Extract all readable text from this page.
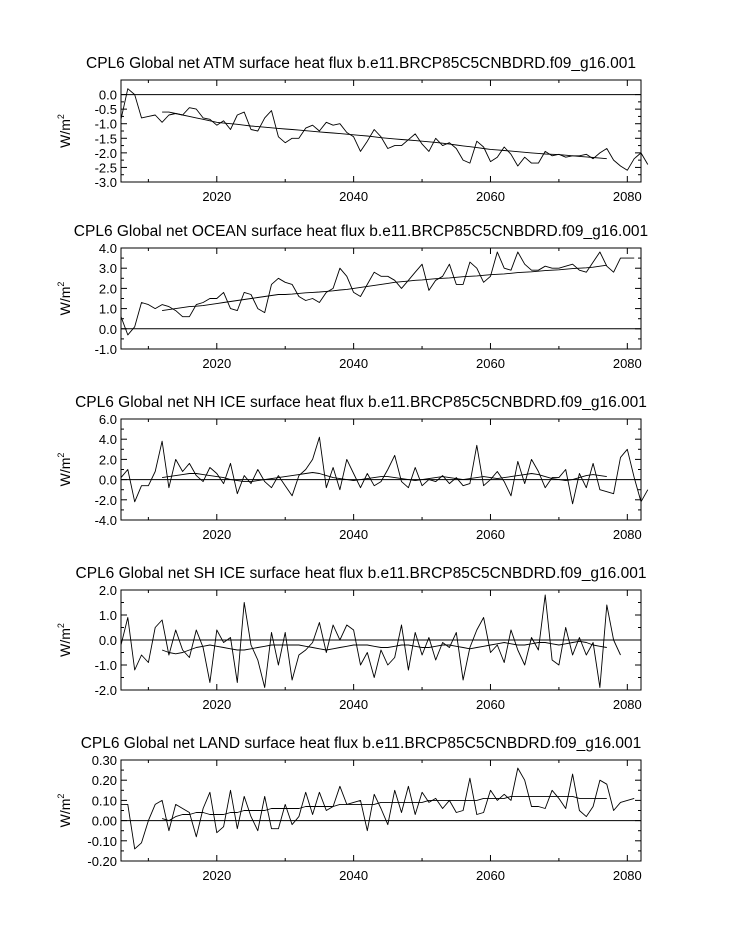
CPL6 Global net ATM surface heat flux b.e11.BRCP85C5CNBDRD.f09_g16.001
-3.0
-2.5
-2.0
-1.5
-1.0
-0.5
0.0
2020	2040	2060	2080
$W/m^2$
CPL6 Global net OCEAN surface heat flux b.e11.BRCP85C5CNBDRD.f09_g16.001
-1.0
0.0
1.0
2.0
3.0
4.0
2020	2040	2060	2080
$W/m^2$
CPL6 Global net NH ICE surface heat flux b.e11.BRCP85C5CNBDRD.f09_g16.001
-4.0
-2.0
0.0
2.0
4.0
6.0
2020	2040	2060	2080
$W/m^2$
CPL6 Global net SH ICE surface heat flux b.e11.BRCP85C5CNBDRD.f09_g16.001
-2.0
-1.0
0.0
1.0
2.0
2020	2040	2060	2080
$W/m^2$
CPL6 Global net LAND surface heat flux b.e11.BRCP85C5CNBDRD.f09_g16.001
-0.20
-0.10
0.00
0.10
0.20
0.30
2020	2040	2060	2080
$W/m^2$
